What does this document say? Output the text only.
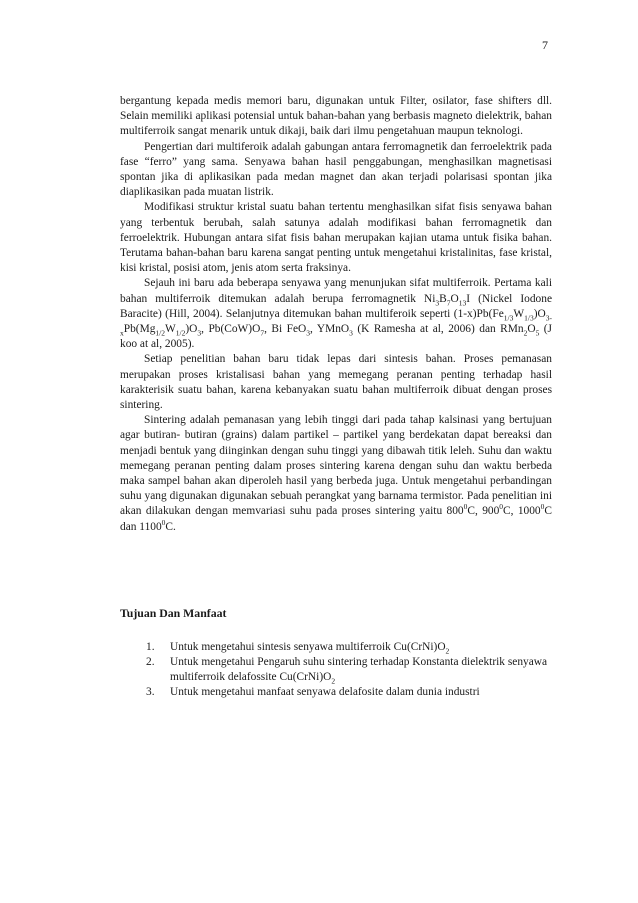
7

bergantung kepada medis memori baru, digunakan untuk Filter, osilator, fase shifters dll. Selain memiliki aplikasi potensial untuk bahan-bahan yang berbasis magneto dielektrik, bahan multiferroik sangat menarik untuk dikaji, baik dari ilmu pengetahuan maupun teknologi.

Pengertian dari multiferoik adalah gabungan antara ferromagnetik dan ferroelektrik pada fase “ferro” yang sama. Senyawa bahan hasil penggabungan, menghasilkan magnetisasi spontan jika di aplikasikan pada medan magnet dan akan terjadi polarisasi spontan jika diaplikasikan pada muatan listrik.

Modifikasi struktur kristal suatu bahan tertentu menghasilkan sifat fisis senyawa bahan yang terbentuk berubah, salah satunya adalah modifikasi bahan ferromagnetik dan ferroelektrik. Hubungan antara sifat fisis bahan merupakan kajian utama untuk fisika bahan. Terutama bahan-bahan baru karena sangat penting untuk mengetahui kristalinitas, fase kristal, kisi kristal, posisi atom, jenis atom serta fraksinya.

Sejauh ini baru ada beberapa senyawa yang menunjukan sifat multiferroik. Pertama kali bahan multiferroik ditemukan adalah berupa ferromagnetik $Ni_3B_7O_{13}I$ (Nickel Iodone Baracite) (Hill, 2004). Selanjutnya ditemukan bahan multiferoik seperti $(1-x)Pb(Fe_{1/3}W_{1/3})O_{3-x}Pb(Mg_{1/2}W_{1/2})O_3$, $Pb(CoW)O_7$, Bi FeO$_3$, YMnO$_3$ (K Ramesha at al, 2006) dan $RMn_2O_5$ (J koo at al, 2005).

Setiap penelitian bahan baru tidak lepas dari sintesis bahan. Proses pemanasan merupakan proses kristalisasi bahan yang memegang peranan penting terhadap hasil karakterisik suatu bahan, karena kebanyakan suatu bahan multiferroik dibuat dengan proses sintering.

Sintering adalah pemanasan yang lebih tinggi dari pada tahap kalsinasi yang bertujuan agar butiran- butiran (grains) dalam partikel – partikel yang berdekatan dapat bereaksi dan menjadi bentuk yang diinginkan dengan suhu tinggi yang dibawah titik leleh. Suhu dan waktu memegang peranan penting dalam proses sintering karena dengan suhu dan waktu berbeda maka sampel bahan akan diperoleh hasil yang berbeda juga. Untuk mengetahui perbandingan suhu yang digunakan digunakan sebuah perangkat yang barnama termistor. Pada penelitian ini akan dilakukan dengan memvariasi suhu pada proses sintering yaitu $800^0C$, $900^0C$, 1000$^0$C dan 1100$^0$C.

Tujuan Dan Manfaat
1.	Untuk mengetahui sintesis senyawa multiferroik $Cu(CrNi)O_2$
2.	Untuk mengetahui Pengaruh suhu sintering terhadap Konstanta dielektrik senyawa multiferroik delafossite $Cu(CrNi)O_2$
3.	Untuk mengetahui manfaat senyawa delafosite dalam dunia industri
